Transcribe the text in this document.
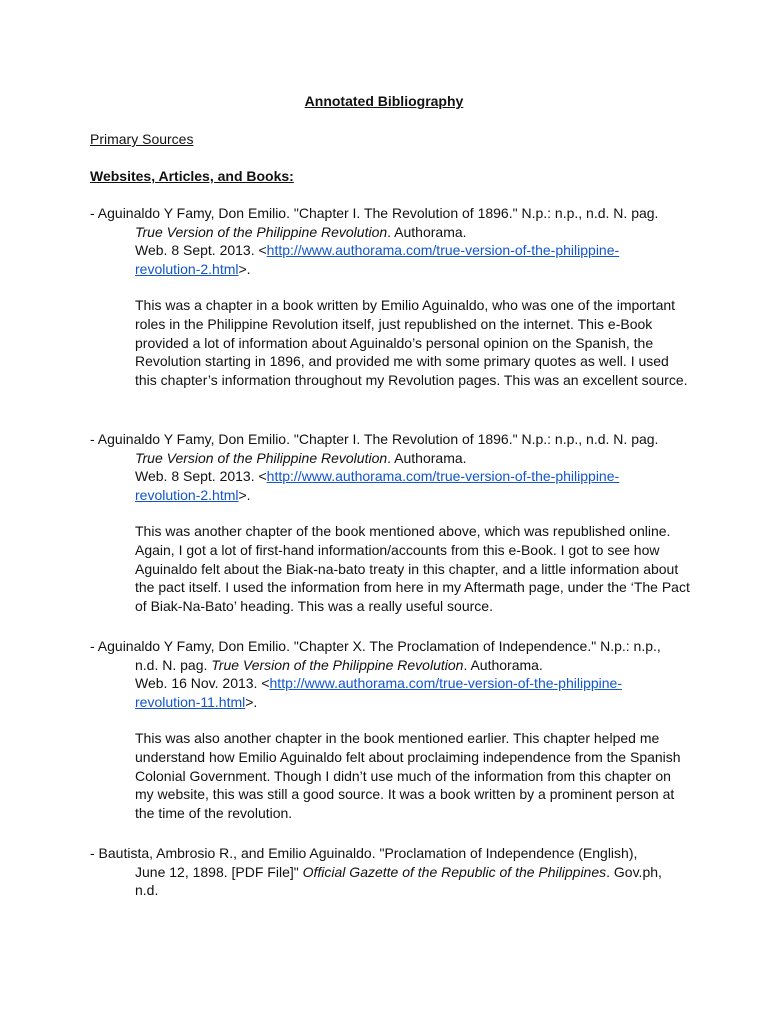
Annotated Bibliography
Primary Sources
Websites, Articles, and Books:
- Aguinaldo Y Famy, Don Emilio. "Chapter I. The Revolution of 1896." N.p.: n.p., n.d. N. pag.
True Version of the Philippine Revolution. Authorama.
Web. 8 Sept. 2013. <http://www.authorama.com/true-version-of-the-philippine-
revolution-2.html>.
This was a chapter in a book written by Emilio Aguinaldo, who was one of the important roles in the Philippine Revolution itself, just republished on the internet. This e-Book provided a lot of information about Aguinaldo’s personal opinion on the Spanish, the Revolution starting in 1896, and provided me with some primary quotes as well. I used this chapter’s information throughout my Revolution pages. This was an excellent source.
- Aguinaldo Y Famy, Don Emilio. "Chapter I. The Revolution of 1896." N.p.: n.p., n.d. N. pag.
True Version of the Philippine Revolution. Authorama.
Web. 8 Sept. 2013. <http://www.authorama.com/true-version-of-the-philippine-
revolution-2.html>.
This was another chapter of the book mentioned above, which was republished online. Again, I got a lot of first-hand information/accounts from this e-Book. I got to see how Aguinaldo felt about the Biak-na-bato treaty in this chapter, and a little information about the pact itself. I used the information from here in my Aftermath page, under the ‘The Pact of Biak-Na-Bato’ heading. This was a really useful source.
- Aguinaldo Y Famy, Don Emilio. "Chapter X. The Proclamation of Independence." N.p.: n.p.,
n.d. N. pag. True Version of the Philippine Revolution. Authorama.
Web. 16 Nov. 2013. <http://www.authorama.com/true-version-of-the-philippine-
revolution-11.html>.
This was also another chapter in the book mentioned earlier. This chapter helped me understand how Emilio Aguinaldo felt about proclaiming independence from the Spanish Colonial Government. Though I didn’t use much of the information from this chapter on my website, this was still a good source. It was a book written by a prominent person at the time of the revolution.
- Bautista, Ambrosio R., and Emilio Aguinaldo. "Proclamation of Independence (English),
June 12, 1898. [PDF File]" Official Gazette of the Republic of the Philippines. Gov.ph,
n.d.
